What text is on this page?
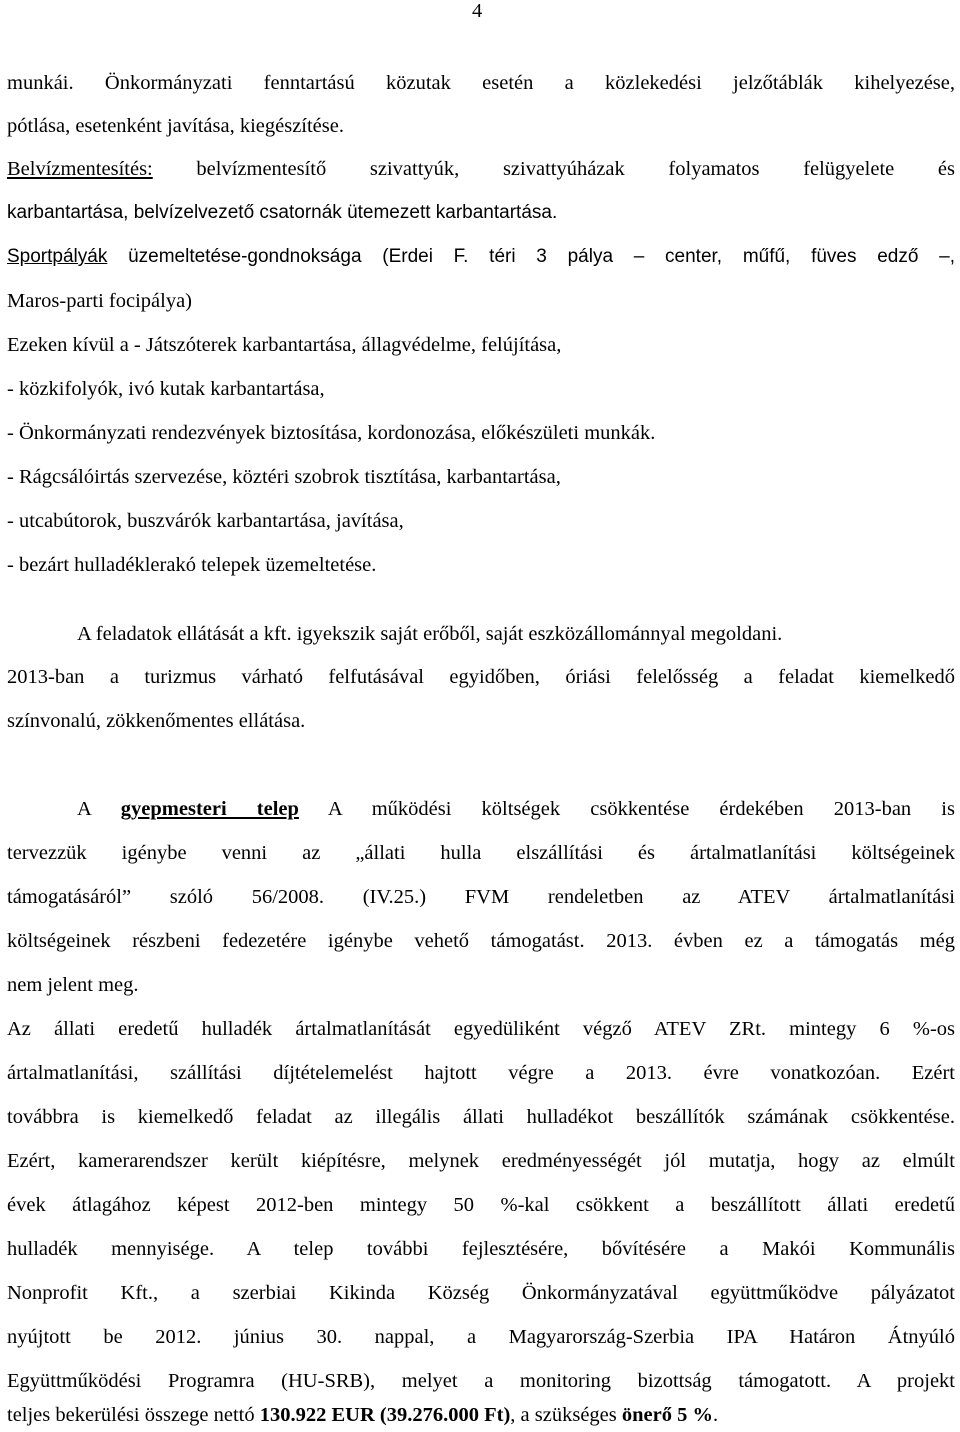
4
munkái. Önkormányzati fenntartású közutak esetén a közlekedési jelzőtáblák kihelyezése,
pótlása, esetenként javítása, kiegészítése.
Belvízmentesítés: belvízmentesítő szivattyúk, szivattyúházak folyamatos felügyelete és
karbantartása, belvízelvezető csatornák ütemezett karbantartása.
Sportpályák üzemeltetése-gondnoksága (Erdei F. téri 3 pálya – center, műfű, füves edző –,
Maros-parti focipálya)
Ezeken kívül a - Játszóterek karbantartása, állagvédelme, felújítása,
- közkifolyók, ivó kutak karbantartása,
- Önkormányzati rendezvények biztosítása, kordonozása, előkészületi munkák.
- Rágcsálóirtás szervezése, köztéri szobrok tisztítása, karbantartása,
- utcabútorok, buszvárók karbantartása, javítása,
- bezárt hulladéklerakó telepek üzemeltetése.
A feladatok ellátását a kft. igyekszik saját erőből, saját eszközállománnyal megoldani.
2013-ban a turizmus várható felfutásával egyidőben, óriási felelősség a feladat kiemelkedő
színvonalú, zökkenőmentes ellátása.
A gyepmesteri telep A működési költségek csökkentése érdekében 2013-ban is
tervezzük igénybe venni az „állati hulla elszállítási és ártalmatlanítási költségeinek
támogatásáról” szóló 56/2008. (IV.25.) FVM rendeletben az ATEV ártalmatlanítási
költségeinek részbeni fedezetére igénybe vehető támogatást. 2013. évben ez a támogatás még
nem jelent meg.
Az állati eredetű hulladék ártalmatlanítását egyedüliként végző ATEV ZRt. mintegy 6 %-os
ártalmatlanítási, szállítási díjtételemelést hajtott végre a 2013. évre vonatkozóan. Ezért
továbbra is kiemelkedő feladat az illegális állati hulladékot beszállítók számának csökkentése.
Ezért, kamerarendszer került kiépítésre, melynek eredményességét jól mutatja, hogy az elmúlt
évek átlagához képest 2012-ben mintegy 50 %-kal csökkent a beszállított állati eredetű
hulladék mennyisége. A telep további fejlesztésére, bővítésére a Makói Kommunális
Nonprofit Kft., a szerbiai Kikinda Község Önkormányzatával együttműködve pályázatot
nyújtott be 2012. június 30. nappal, a Magyarország-Szerbia IPA Határon Átnyúló
Együttműködési Programra (HU-SRB), melyet a monitoring bizottság támogatott. A projekt
teljes bekerülési összege nettó 130.922 EUR (39.276.000 Ft), a szükséges önerő 5 %.
